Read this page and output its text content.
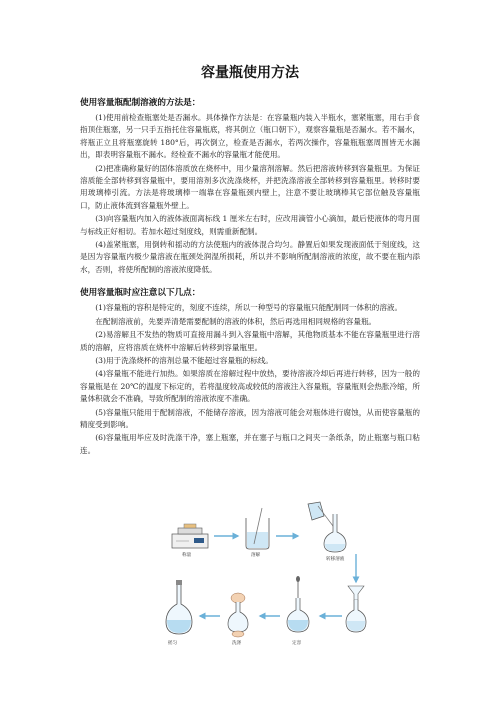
容量瓶使用方法
使用容量瓶配制溶液的方法是：

(1)使用前检查瓶塞处是否漏水。具体操作方法是：在容量瓶内装入半瓶水，塞紧瓶塞，用右手食指顶住瓶塞，另一只手五指托住容量瓶底，将其倒立（瓶口朝下），观察容量瓶是否漏水。若不漏水，将瓶正立且将瓶塞旋转 180°后，再次倒立，检查是否漏水，若两次操作，容量瓶瓶塞周围皆无水漏出，即表明容量瓶不漏水。经检查不漏水的容量瓶才能使用。

(2)把准确称量好的固体溶质放在烧杯中，用少量溶剂溶解。然后把溶液转移到容量瓶里。为保证溶质能全部转移到容量瓶中，要用溶剂多次洗涤烧杯，并把洗涤溶液全部转移到容量瓶里。转移时要用玻璃棒引流。方法是将玻璃棒一端靠在容量瓶颈内壁上，注意不要让玻璃棒其它部位触及容量瓶口，防止液体流到容量瓶外壁上。

(3)向容量瓶内加入的液体液面离标线 1 厘米左右时，应改用滴管小心滴加，最后使液体的弯月面与标线正好相切。若加水超过刻度线，则需重新配制。

(4)盖紧瓶塞，用倒转和摇动的方法使瓶内的液体混合均匀。静置后如果发现液面低于刻度线，这是因为容量瓶内极少量溶液在瓶颈处润湿所损耗，所以并不影响所配制溶液的浓度，故不要在瓶内添水，否则，将使所配制的溶液浓度降低。

使用容量瓶时应注意以下几点：

(1)容量瓶的容积是特定的，刻度不连续，所以一种型号的容量瓶只能配制同一体积的溶液。

在配制溶液前，先要弄清楚需要配制的溶液的体积，然后再选用相同规格的容量瓶。

(2)易溶解且不发热的物质可直接用漏斗到入容量瓶中溶解，其他物质基本不能在容量瓶里进行溶质的溶解，应将溶质在烧杯中溶解后转移到容量瓶里。

(3)用于洗涤烧杯的溶剂总量不能超过容量瓶的标线。

(4)容量瓶不能进行加热。如果溶质在溶解过程中放热，要待溶液冷却后再进行转移，因为一般的容量瓶是在 20℃的温度下标定的，若将温度较高或较低的溶液注入容量瓶，容量瓶则会热胀冷缩，所量体积就会不准确，导致所配制的溶液浓度不准确。

(5)容量瓶只能用于配制溶液，不能储存溶液，因为溶液可能会对瓶体进行腐蚀，从而使容量瓶的精度受到影响。

(6)容量瓶用毕应及时洗涤干净，塞上瓶塞，并在塞子与瓶口之间夹一条纸条，防止瓶塞与瓶口粘连。

称量	溶解
转移溶液
摇匀	洗涤	定容
